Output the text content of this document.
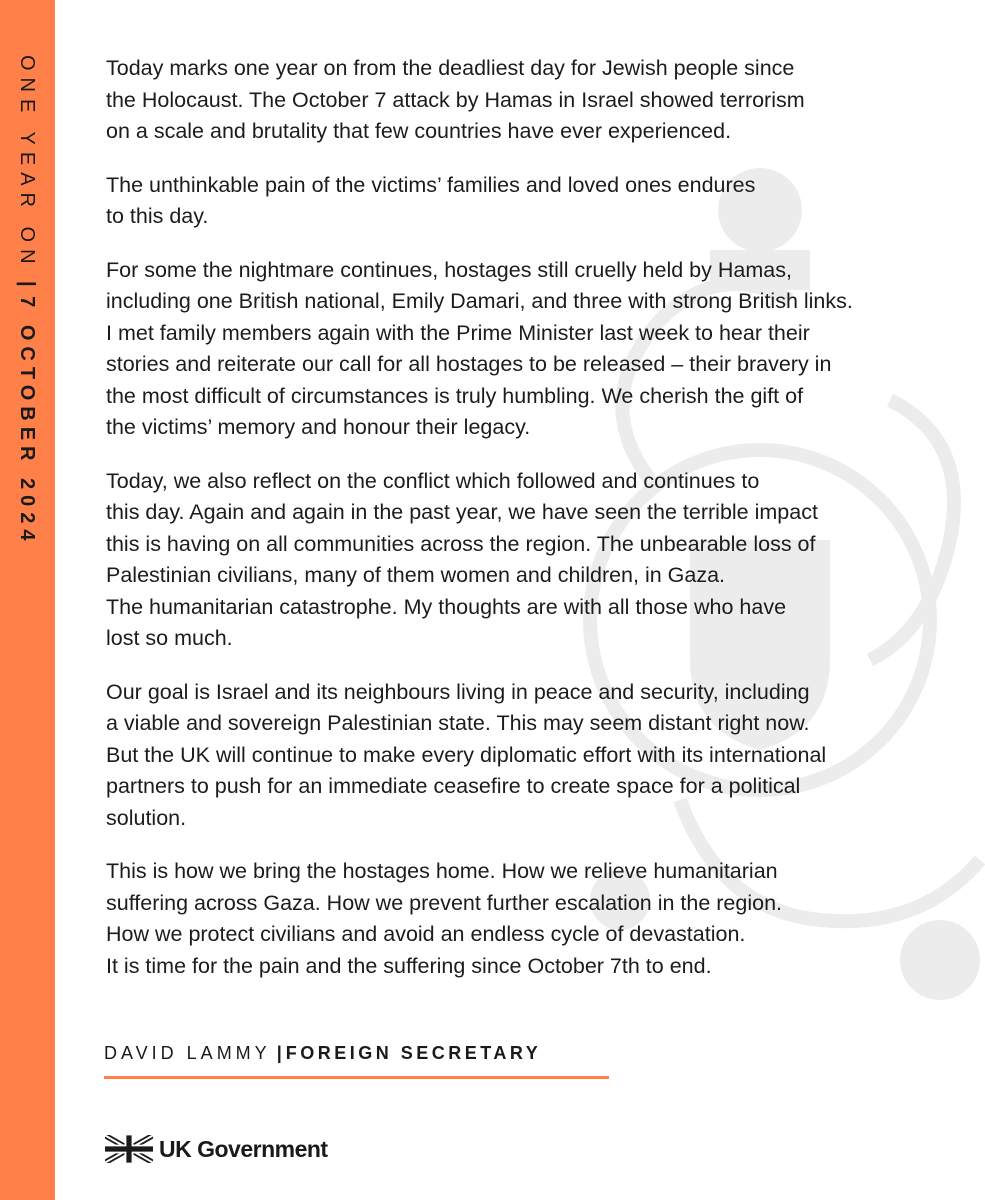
ONE YEAR ON|7 OCTOBER 2024

Today marks one year on from the deadliest day for Jewish people since
the Holocaust. The October 7 attack by Hamas in Israel showed terrorism
on a scale and brutality that few countries have ever experienced.

The unthinkable pain of the victims’ families and loved ones endures
to this day.

For some the nightmare continues, hostages still cruelly held by Hamas,
including one British national, Emily Damari, and three with strong British links.
I met family members again with the Prime Minister last week to hear their
stories and reiterate our call for all hostages to be released – their bravery in
the most difficult of circumstances is truly humbling. We cherish the gift of
the victims’ memory and honour their legacy.

Today, we also reflect on the conflict which followed and continues to
this day. Again and again in the past year, we have seen the terrible impact
this is having on all communities across the region. The unbearable loss of
Palestinian civilians, many of them women and children, in Gaza.
The humanitarian catastrophe. My thoughts are with all those who have
lost so much.

Our goal is Israel and its neighbours living in peace and security, including
a viable and sovereign Palestinian state. This may seem distant right now.
But the UK will continue to make every diplomatic effort with its international
partners to push for an immediate ceasefire to create space for a political
solution.

This is how we bring the hostages home. How we relieve humanitarian
suffering across Gaza. How we prevent further escalation in the region.
How we protect civilians and avoid an endless cycle of devastation.
It is time for the pain and the suffering since October 7th to end.

DAVID LAMMY | FOREIGN SECRETARY
UK Government
